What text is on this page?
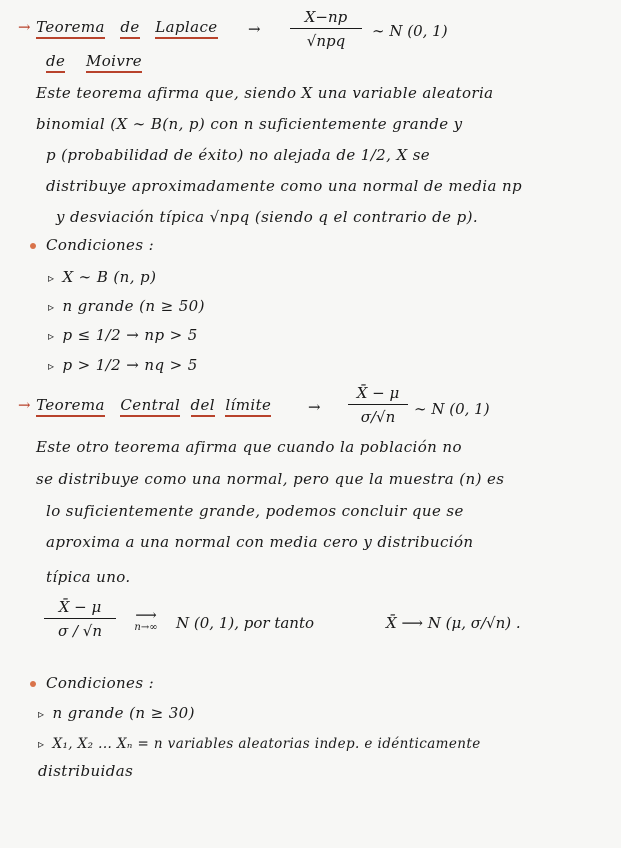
→ Teorema de Laplace →
X−np
√npq
∼ N (0, 1)
de Moivre
Este teorema afirma que, siendo X una variable aleatoria
binomial (X ∼ B(n, p) con n suficientemente grande y
p (probabilidad de éxito) no alejada de 1/2, X se
distribuye aproximadamente como una normal de media np
y desviación típica √npq (siendo q el contrario de p).
Condiciones :
▹ X ∼ B (n, p)
▹ n grande (n ≥ 50)
▹ p ≤ 1/2 → np > 5
▹ p > 1/2 → nq > 5
→ Teorema Central del límite → $\frac{X̄ - \mu}{\sigma/√n}$ ∼ N (0, 1)
Este otro teorema afirma que cuando la población no
se distribuye como una normal, pero que la muestra (n) es
lo suficientemente grande, podemos concluir que se
aproxima a una normal con media cero y distribución
típica uno.
$\frac{X̄ - \mu}{\sigma / √n}$	⟶
n→∞	N (0, 1), por tanto	X̄ ⟶ N (μ, σ/√n) .
Condiciones :
▹ n grande (n ≥ 30)
▹ X₁, X₂ ... Xₙ = n variables aleatorias indep. e idénticamente
distribuidas
